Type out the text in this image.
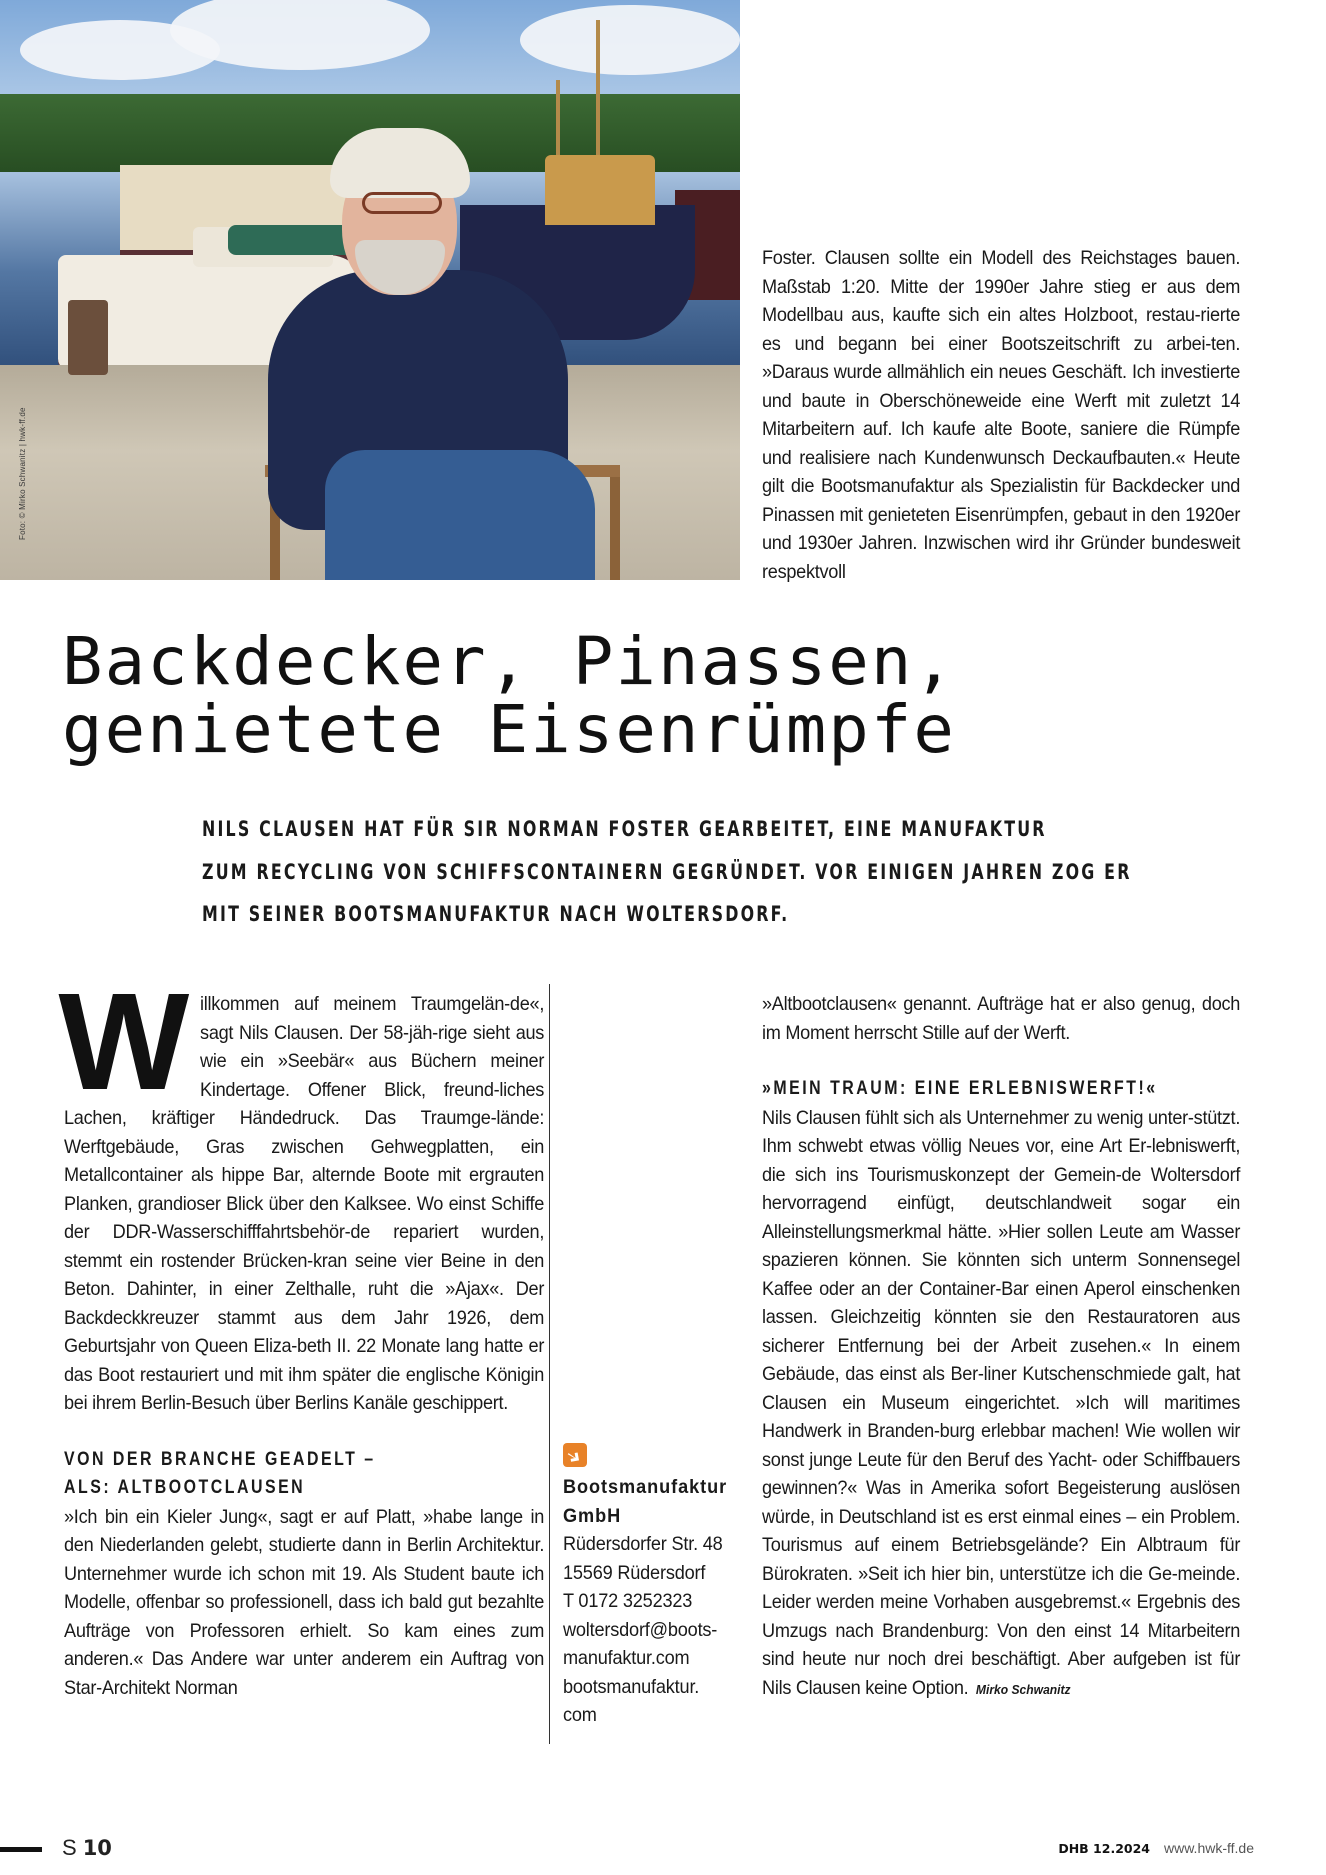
Foto: © Mirko Schwanitz | hwk-ff.de

Foster. Clausen sollte ein Modell des Reichstages bauen. Maßstab 1:20. Mitte der 1990er Jahre stieg er aus dem Modellbau aus, kaufte sich ein altes Holzboot, restau-rierte es und begann bei einer Bootszeitschrift zu arbei-ten. »Daraus wurde allmählich ein neues Geschäft. Ich investierte und baute in Oberschöneweide eine Werft mit zuletzt 14 Mitarbeitern auf. Ich kaufe alte Boote, saniere die Rümpfe und realisiere nach Kundenwunsch Deckaufbauten.« Heute gilt die Bootsmanufaktur als Spezialistin für Backdecker und Pinassen mit genieteten Eisenrümpfen, gebaut in den 1920er und 1930er Jahren. Inzwischen wird ihr Gründer bundesweit respektvoll

Backdecker, Pinassen,
genietete Eisenrümpfe
NILS CLAUSEN HAT FÜR SIR NORMAN FOSTER GEARBEITET, EINE MANUFAKTUR
ZUM RECYCLING VON SCHIFFSCONTAINERN GEGRÜNDET. VOR EINIGEN JAHREN ZOG ER
MIT SEINER BOOTSMANUFAKTUR NACH WOLTERSDORF.
W illkommen auf meinem Traumgelän-de«, sagt Nils Clausen. Der 58-jäh-rige sieht aus wie ein »Seebär« aus Büchern meiner Kindertage. Offener Blick, freund-liches Lachen, kräftiger Händedruck. Das Traumge-lände: Werftgebäude, Gras zwischen Gehwegplatten, ein Metallcontainer als hippe Bar, alternde Boote mit ergrauten Planken, grandioser Blick über den Kalksee. Wo einst Schiffe der DDR-Wasserschifffahrtsbehör-de repariert wurden, stemmt ein rostender Brücken-kran seine vier Beine in den Beton. Dahinter, in einer Zelthalle, ruht die »Ajax«. Der Backdeckkreuzer stammt aus dem Jahr 1926, dem Geburtsjahr von Queen Eliza-beth II. 22 Monate lang hatte er das Boot restauriert und mit ihm später die englische Königin bei ihrem Berlin-Besuch über Berlins Kanäle geschippert.

VON DER BRANCHE GEADELT –
ALS: ALTBOOTCLAUSEN

»Ich bin ein Kieler Jung«, sagt er auf Platt, »habe lange in den Niederlanden gelebt, studierte dann in Berlin Architektur. Unternehmer wurde ich schon mit 19. Als Student baute ich Modelle, offenbar so professionell, dass ich bald gut bezahlte Aufträge von Professoren erhielt. So kam eines zum anderen.« Das Andere war unter anderem ein Auftrag von Star-Architekt Norman

Bootsmanufaktur
GmbH
Rüdersdorfer Str. 48
15569 Rüdersdorf
T 0172 3252323
woltersdorf@boots-
manufaktur.com
bootsmanufaktur.
com

»Altbootclausen« genannt. Aufträge hat er also genug, doch im Moment herrscht Stille auf der Werft.

»MEIN TRAUM: EINE ERLEBNISWERFT!«

Nils Clausen fühlt sich als Unternehmer zu wenig unter-stützt. Ihm schwebt etwas völlig Neues vor, eine Art Er-lebniswerft, die sich ins Tourismuskonzept der Gemein-de Woltersdorf hervorragend einfügt, deutschlandweit sogar ein Alleinstellungsmerkmal hätte. »Hier sollen Leute am Wasser spazieren können. Sie könnten sich unterm Sonnensegel Kaffee oder an der Container-Bar einen Aperol einschenken lassen. Gleichzeitig könnten sie den Restauratoren aus sicherer Entfernung bei der Arbeit zusehen.« In einem Gebäude, das einst als Ber-liner Kutschenschmiede galt, hat Clausen ein Museum eingerichtet. »Ich will maritimes Handwerk in Branden-burg erlebbar machen! Wie wollen wir sonst junge Leute für den Beruf des Yacht- oder Schiffbauers gewinnen?« Was in Amerika sofort Begeisterung auslösen würde, in Deutschland ist es erst einmal eines – ein Problem. Tourismus auf einem Betriebsgelände? Ein Albtraum für Bürokraten. »Seit ich hier bin, unterstütze ich die Ge-meinde. Leider werden meine Vorhaben ausgebremst.« Ergebnis des Umzugs nach Brandenburg: Von den einst 14 Mitarbeitern sind heute nur noch drei beschäftigt. Aber aufgeben ist für Nils Clausen keine Option. Mirko Schwanitz

S 10	DHB 12.2024 www.hwk-ff.de
